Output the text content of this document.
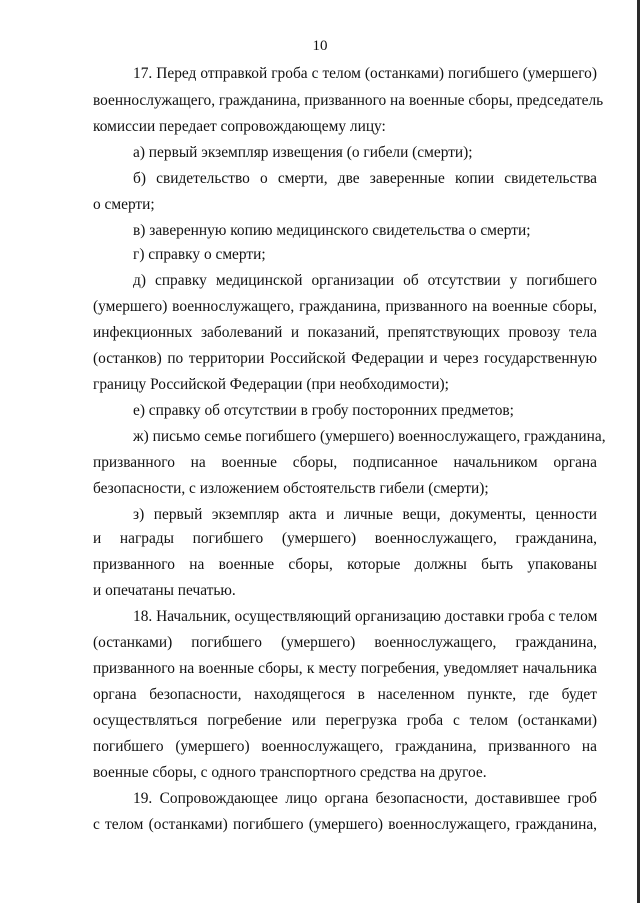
10
17. Перед отправкой гроба с телом (останками) погибшего (умершего)
военнослужащего, гражданина, призванного на военные сборы, председатель
комиссии передает сопровождающему лицу:
а) первый экземпляр извещения (о гибели (смерти);
б) свидетельство о смерти, две заверенные копии свидетельства
о смерти;
в) заверенную копию медицинского свидетельства о смерти;
г) справку о смерти;
д) справку медицинской организации об отсутствии у погибшего
(умершего) военнослужащего, гражданина, призванного на военные сборы,
инфекционных заболеваний и показаний, препятствующих провозу тела
(останков) по территории Российской Федерации и через государственную
границу Российской Федерации (при необходимости);
е) справку об отсутствии в гробу посторонних предметов;
ж) письмо семье погибшего (умершего) военнослужащего, гражданина,
призванного на военные сборы, подписанное начальником органа
безопасности, с изложением обстоятельств гибели (смерти);
з) первый экземпляр акта и личные вещи, документы, ценности
и награды погибшего (умершего) военнослужащего, гражданина,
призванного на военные сборы, которые должны быть упакованы
и опечатаны печатью.
18. Начальник, осуществляющий организацию доставки гроба с телом
(останками) погибшего (умершего) военнослужащего, гражданина,
призванного на военные сборы, к месту погребения, уведомляет начальника
органа безопасности, находящегося в населенном пункте, где будет
осуществляться погребение или перегрузка гроба с телом (останками)
погибшего (умершего) военнослужащего, гражданина, призванного на
военные сборы, с одного транспортного средства на другое.
19. Сопровождающее лицо органа безопасности, доставившее гроб
с телом (останками) погибшего (умершего) военнослужащего, гражданина,
